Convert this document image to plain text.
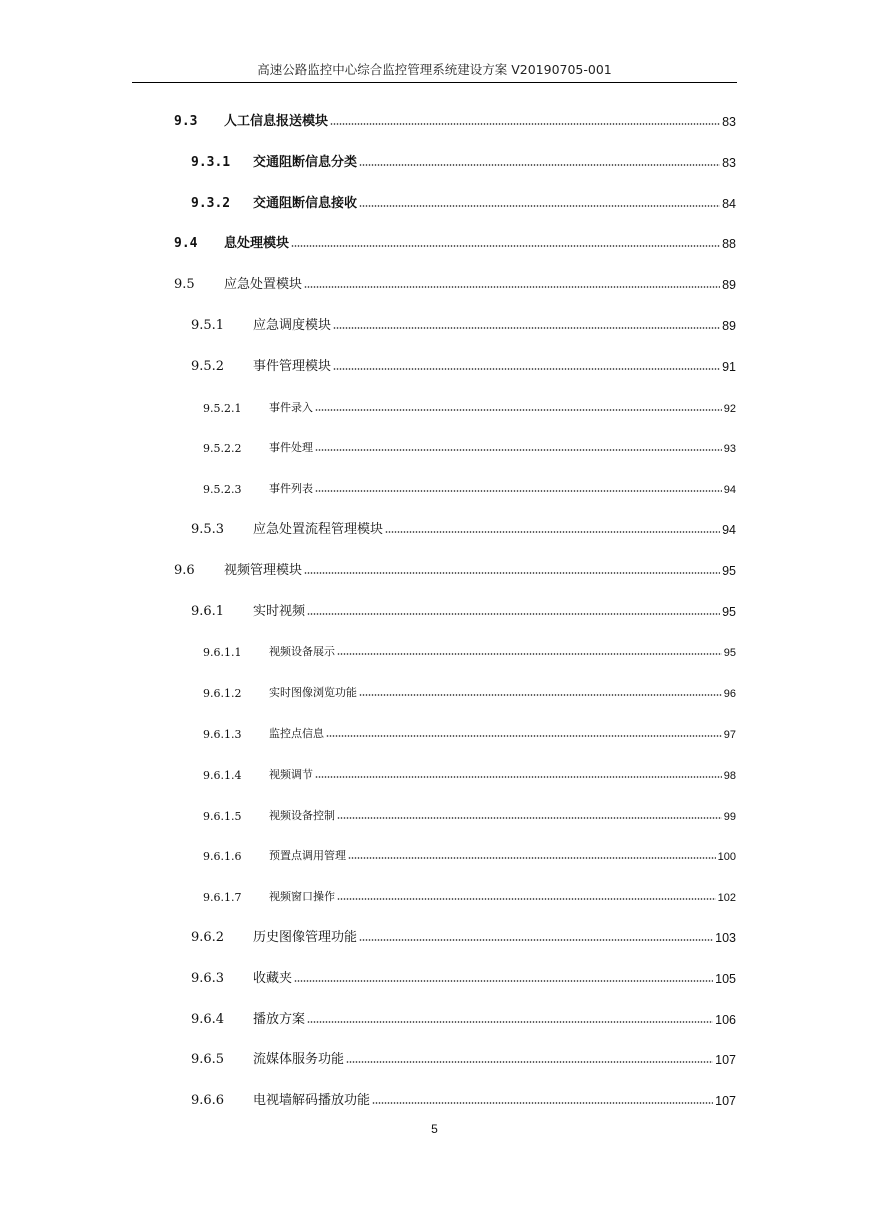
高速公路监控中心综合监控管理系统建设方案 V20190705-001
9.3	人工信息报送模块	83
9.3.1	交通阻断信息分类	83
9.3.2	交通阻断信息接收	84
9.4	息处理模块	88
9.5	应急处置模块	89
9.5.1	应急调度模块	89
9.5.2	事件管理模块	91
9.5.2.1	事件录入	92
9.5.2.2	事件处理	93
9.5.2.3	事件列表	94
9.5.3	应急处置流程管理模块	94
9.6	视频管理模块	95
9.6.1	实时视频	95
9.6.1.1	视频设备展示	95
9.6.1.2	实时图像浏览功能	96
9.6.1.3	监控点信息	97
9.6.1.4	视频调节	98
9.6.1.5	视频设备控制	99
9.6.1.6	预置点调用管理	100
9.6.1.7	视频窗口操作	102
9.6.2	历史图像管理功能	103
9.6.3	收藏夹	105
9.6.4	播放方案	106
9.6.5	流媒体服务功能	107
9.6.6	电视墙解码播放功能	107
5
